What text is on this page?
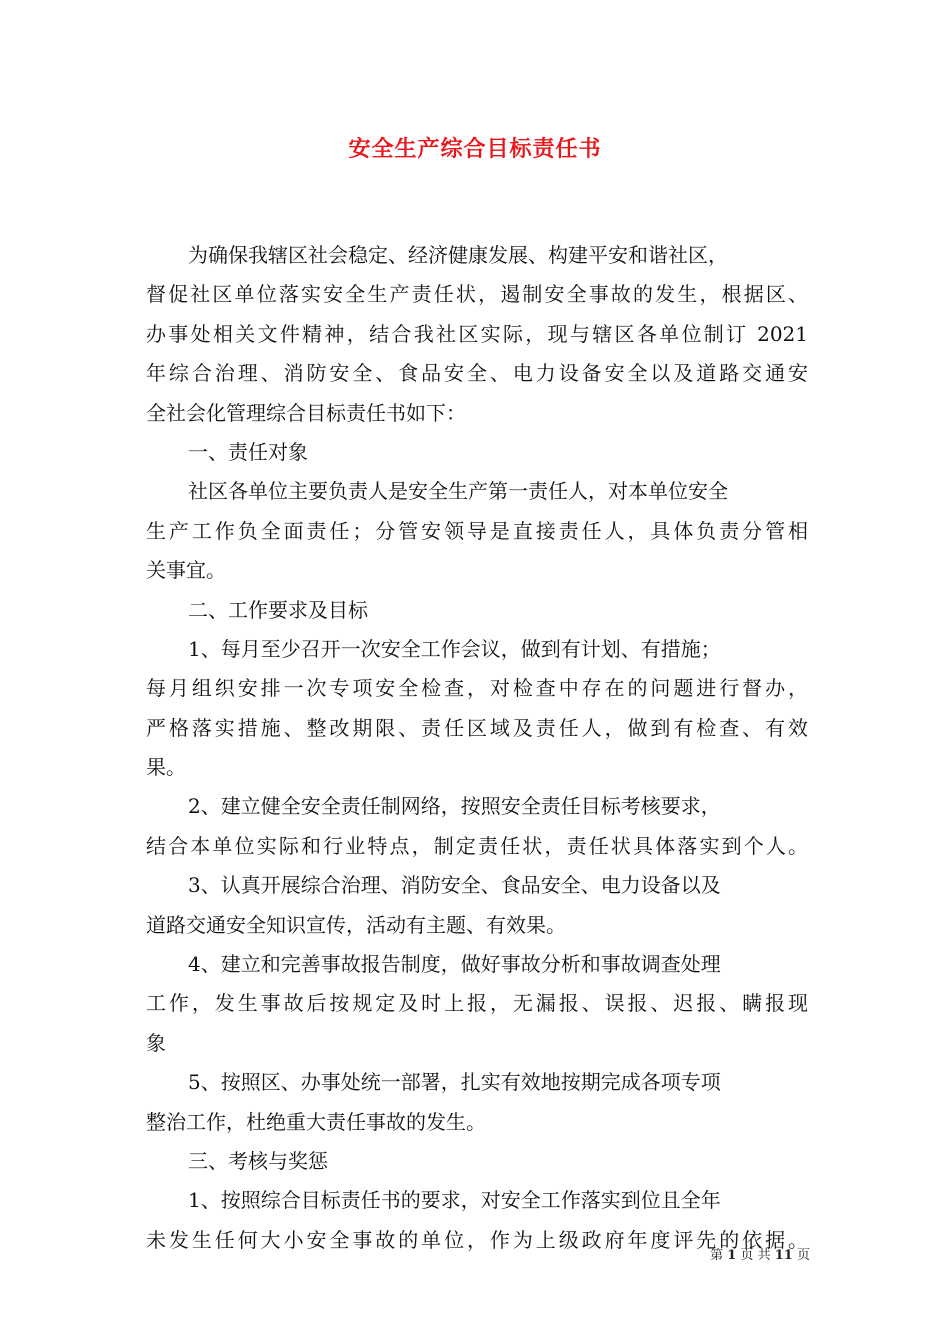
安全生产综合目标责任书
为确保我辖区社会稳定、经济健康发展、构建平安和谐社区，
督促社区单位落实安全生产责任状，遏制安全事故的发生，根据区、
办事处相关文件精神，结合我社区实际，现与辖区各单位制订 2021
年综合治理、消防安全、食品安全、电力设备安全以及道路交通安
全社会化管理综合目标责任书如下：
一、责任对象
社区各单位主要负责人是安全生产第一责任人，对本单位安全
生产工作负全面责任；分管安领导是直接责任人，具体负责分管相
关事宜。
二、工作要求及目标
1、每月至少召开一次安全工作会议，做到有计划、有措施；
每月组织安排一次专项安全检查，对检查中存在的问题进行督办，
严格落实措施、整改期限、责任区域及责任人，做到有检查、有效
果。
2、建立健全安全责任制网络，按照安全责任目标考核要求，
结合本单位实际和行业特点，制定责任状，责任状具体落实到个人。
3、认真开展综合治理、消防安全、食品安全、电力设备以及
道路交通安全知识宣传，活动有主题、有效果。
4、建立和完善事故报告制度，做好事故分析和事故调查处理
工作，发生事故后按规定及时上报，无漏报、误报、迟报、瞒报现
象
5、按照区、办事处统一部署，扎实有效地按期完成各项专项
整治工作，杜绝重大责任事故的发生。
三、考核与奖惩
1、按照综合目标责任书的要求，对安全工作落实到位且全年
未发生任何大小安全事故的单位，作为上级政府年度评先的依据。
第 1 页 共 11 页
